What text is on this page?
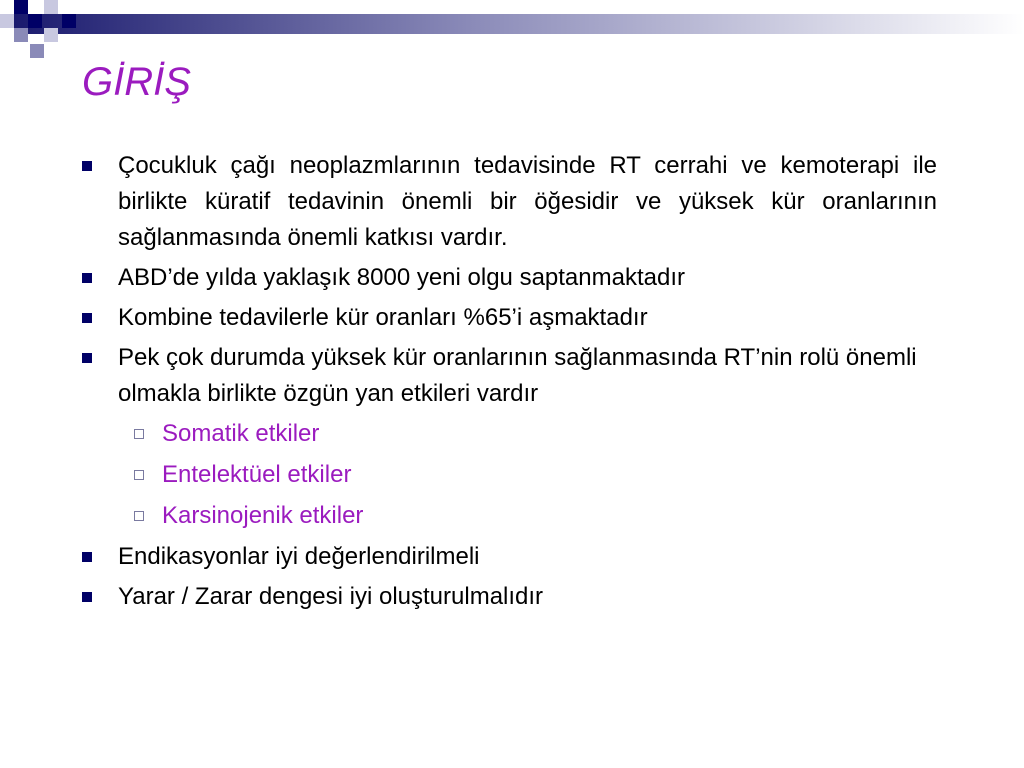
GİRİŞ
Çocukluk çağı neoplazmlarının tedavisinde RT cerrahi ve kemoterapi ile birlikte küratif tedavinin önemli bir öğesidir ve yüksek kür oranlarının sağlanmasında önemli katkısı vardır.
ABD’de yılda yaklaşık 8000 yeni olgu saptanmaktadır
Kombine tedavilerle kür oranları %65’i aşmaktadır
Pek çok durumda yüksek kür oranlarının sağlanmasında RT’nin rolü önemli olmakla birlikte özgün yan etkileri vardır
Somatik etkiler
Entelektüel etkiler
Karsinojenik etkiler
Endikasyonlar iyi değerlendirilmeli
Yarar / Zarar dengesi iyi oluşturulmalıdır
